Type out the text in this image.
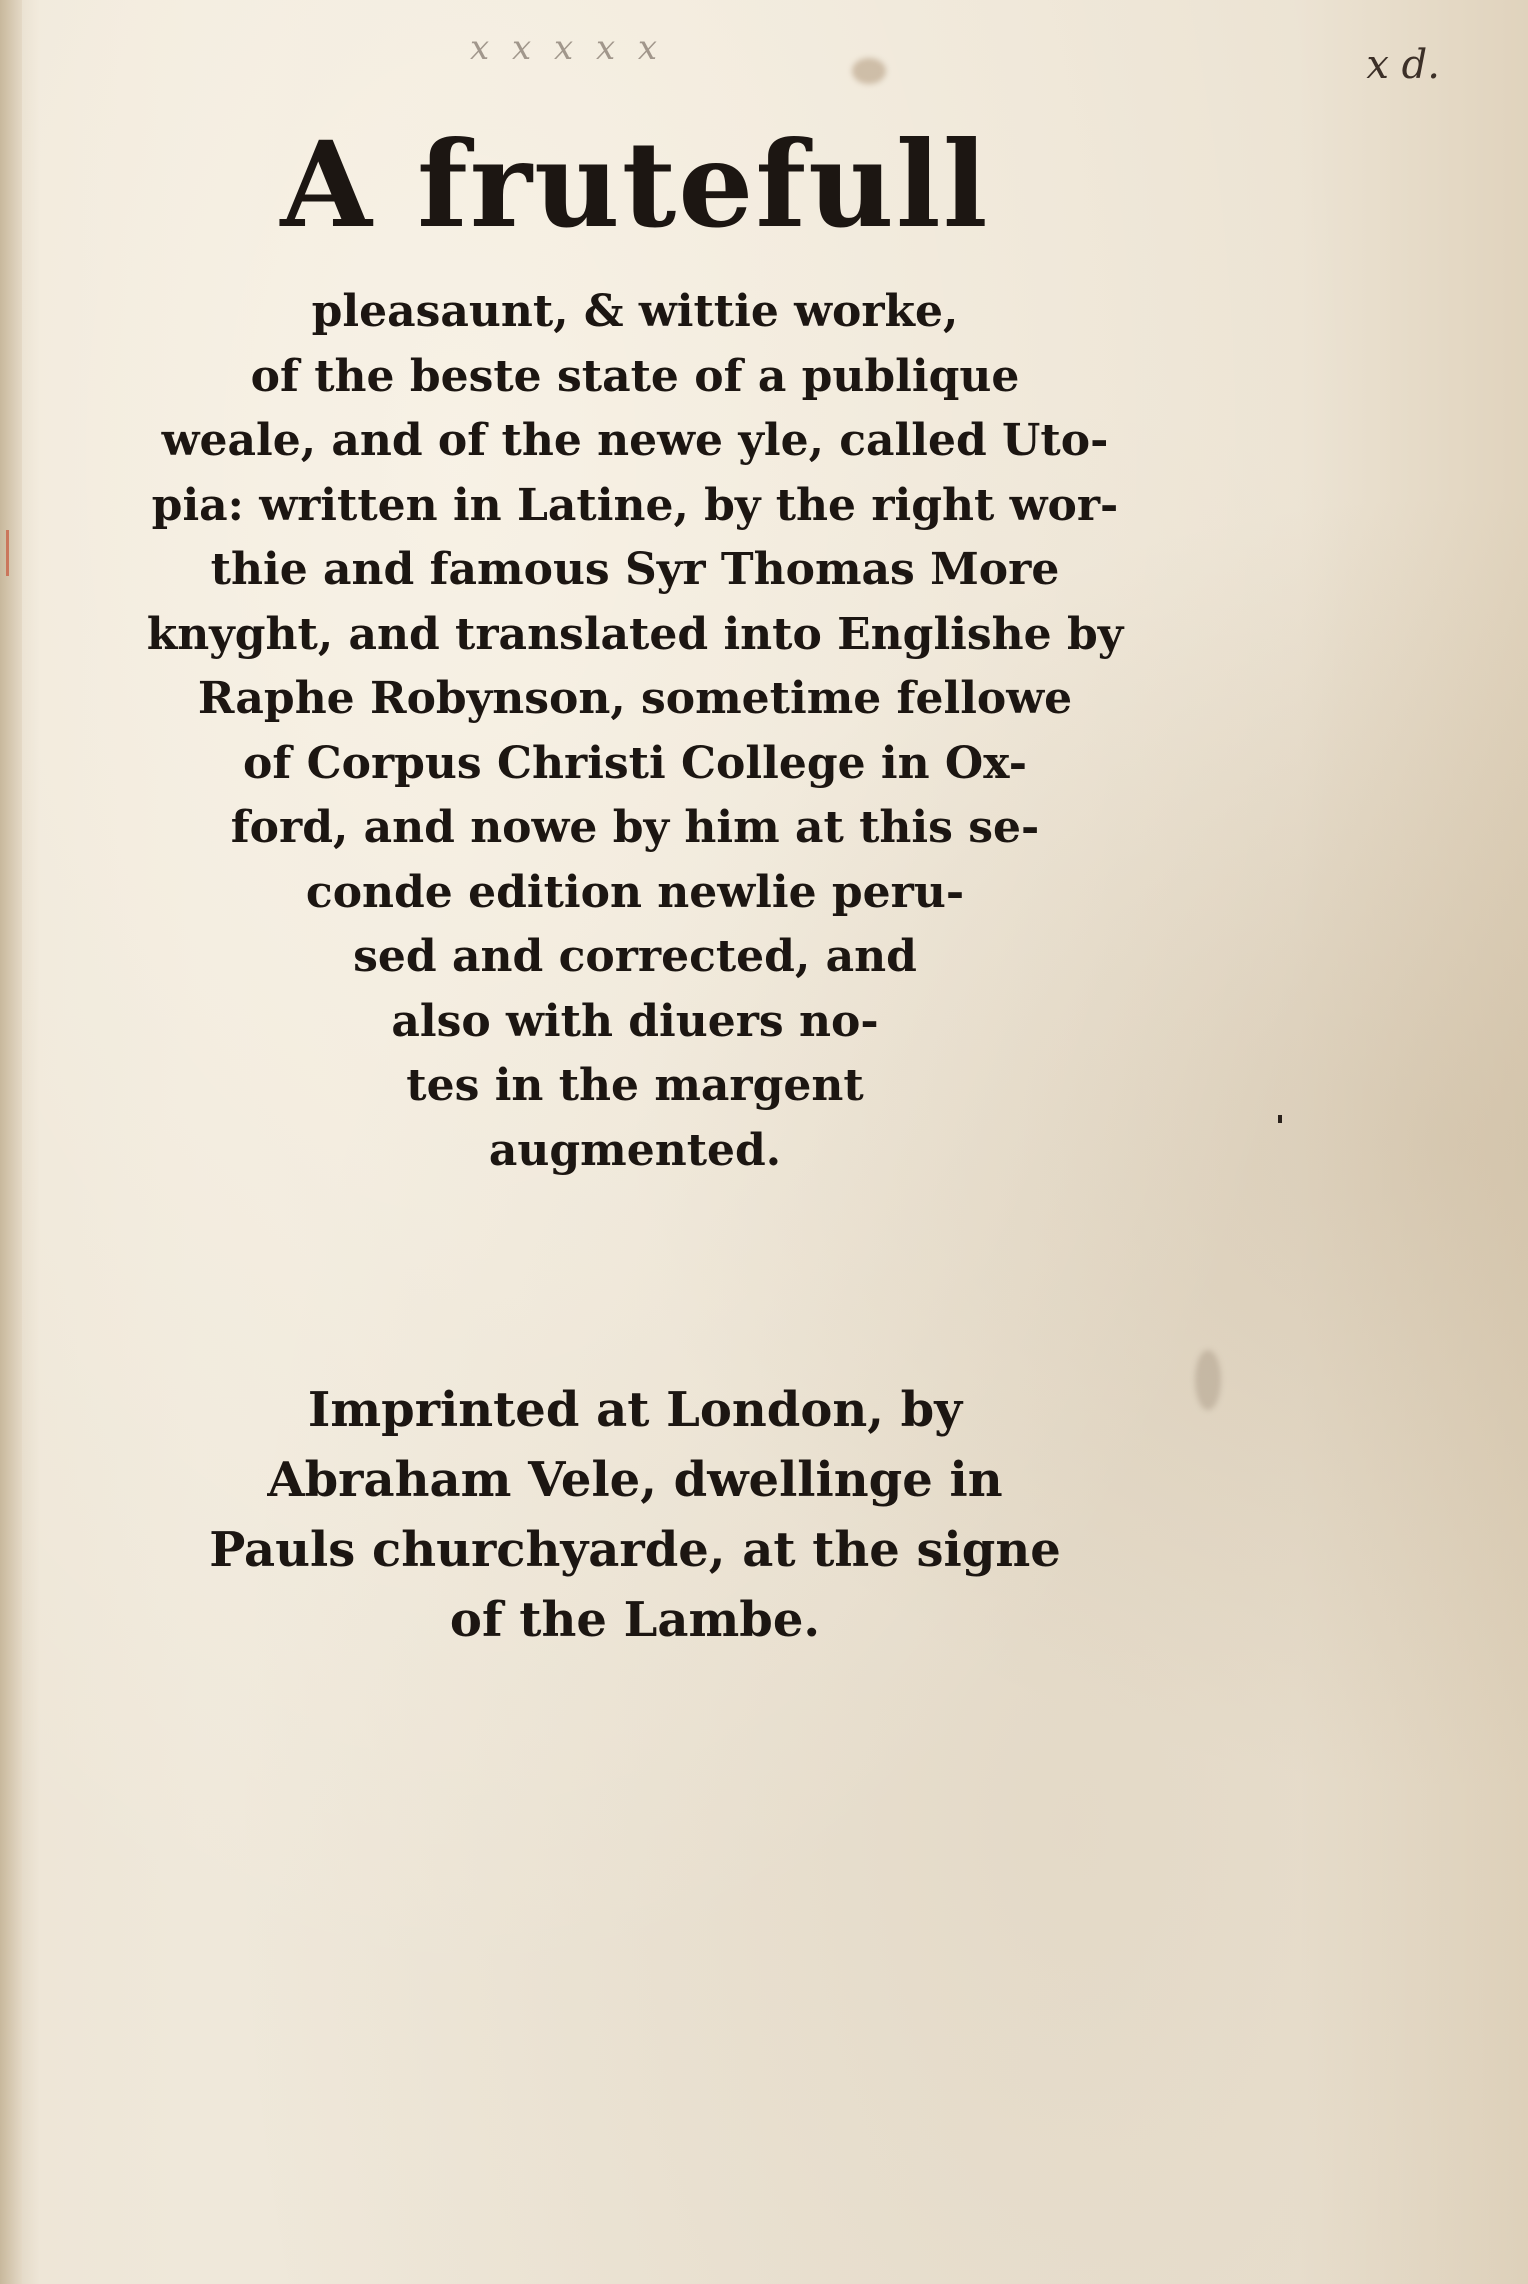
x x x x x	x d.
A frutefull
pleasaunt, & wittie worke,
of the beste state of a publique
weale, and of the newe yle, called Uto-
pia: written in Latine, by the right wor-
thie and famous Syr Thomas More
knyght, and translated into Englishe by
Raphe Robynson, sometime fellowe
of Corpus Christi College in Ox-
ford, and nowe by him at this se-
conde edition newlie peru-
sed and corrected, and
also with diuers no-
tes in the margent
augmented.
Imprinted at London, by
Abraham Vele, dwellinge in
Pauls churchyarde, at the signe
of the Lambe.
